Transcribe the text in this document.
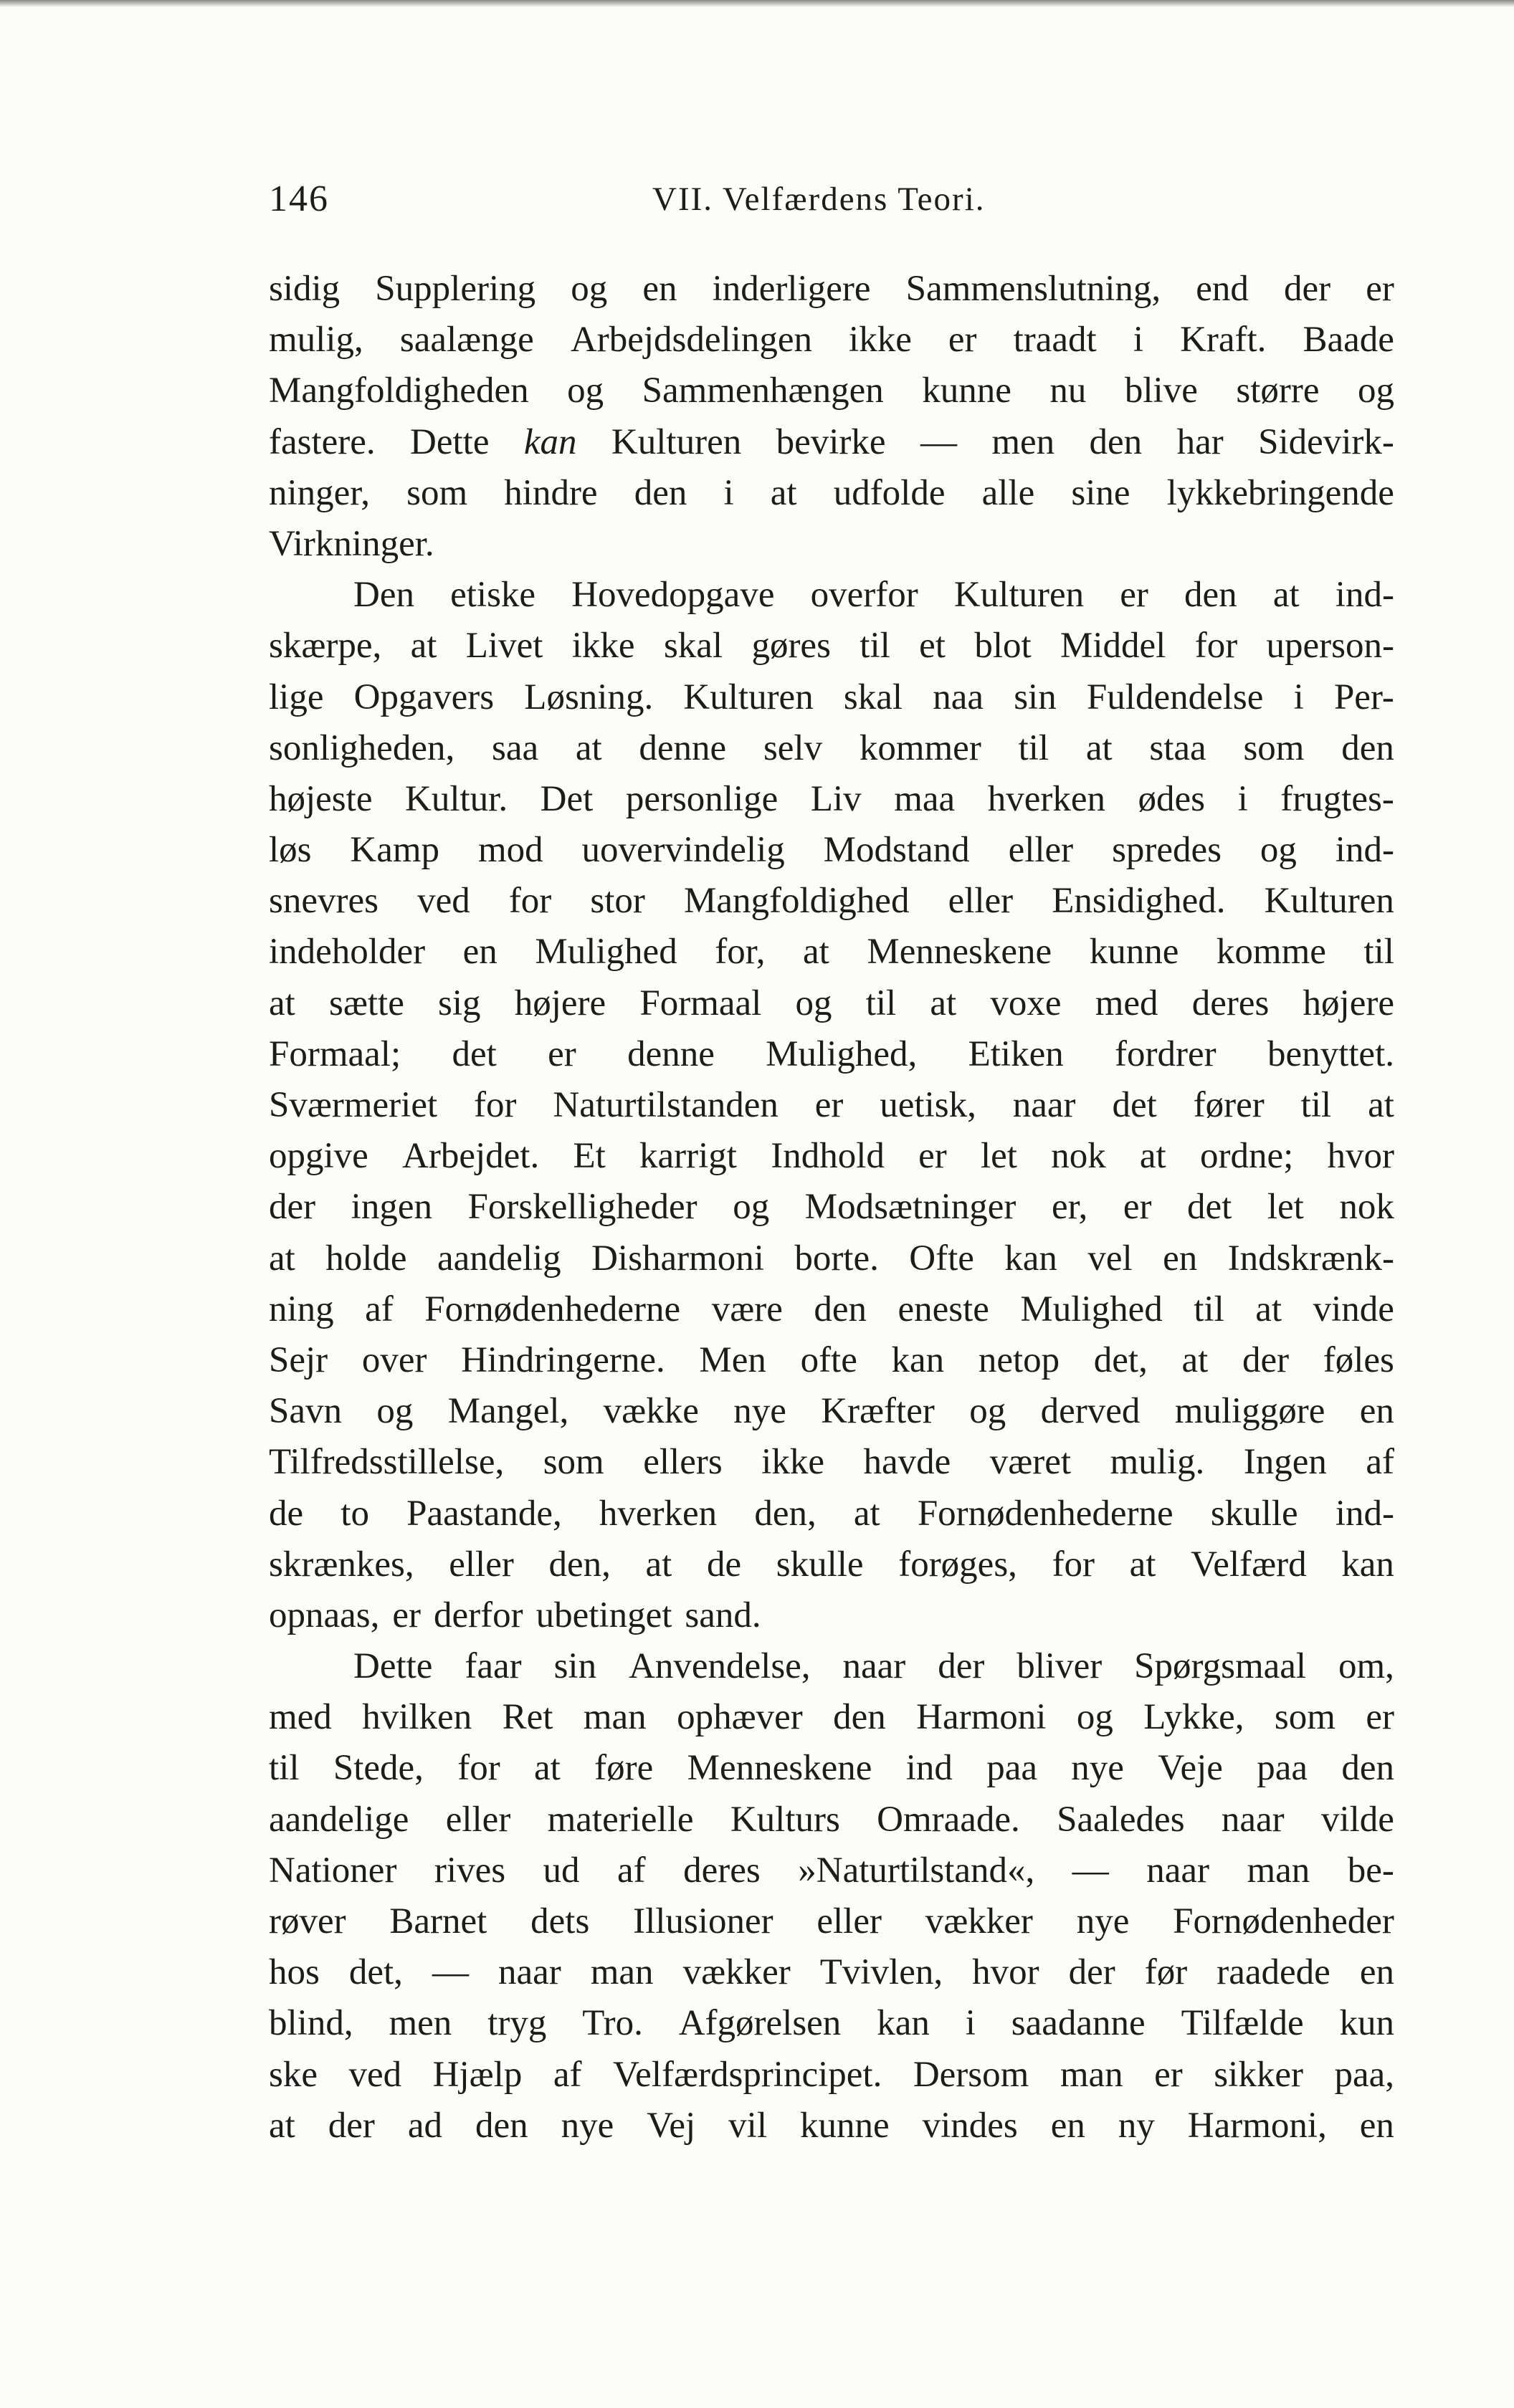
146	VII. Velfærdens Teori.
sidig Supplering og en inderligere Sammenslutning, end der er
mulig, saalænge Arbejdsdelingen ikke er traadt i Kraft. Baade
Mangfoldigheden og Sammenhængen kunne nu blive større og
fastere. Dette kan Kulturen bevirke — men den har Sidevirk-
ninger, som hindre den i at udfolde alle sine lykkebringende
Virkninger.
Den etiske Hovedopgave overfor Kulturen er den at ind-
skærpe, at Livet ikke skal gøres til et blot Middel for uperson-
lige Opgavers Løsning. Kulturen skal naa sin Fuldendelse i Per-
sonligheden, saa at denne selv kommer til at staa som den
højeste Kultur. Det personlige Liv maa hverken ødes i frugtes-
løs Kamp mod uovervindelig Modstand eller spredes og ind-
snevres ved for stor Mangfoldighed eller Ensidighed. Kulturen
indeholder en Mulighed for, at Menneskene kunne komme til
at sætte sig højere Formaal og til at voxe med deres højere
Formaal; det er denne Mulighed, Etiken fordrer benyttet.
Sværmeriet for Naturtilstanden er uetisk, naar det fører til at
opgive Arbejdet. Et karrigt Indhold er let nok at ordne; hvor
der ingen Forskelligheder og Modsætninger er, er det let nok
at holde aandelig Disharmoni borte. Ofte kan vel en Indskrænk-
ning af Fornødenhederne være den eneste Mulighed til at vinde
Sejr over Hindringerne. Men ofte kan netop det, at der føles
Savn og Mangel, vække nye Kræfter og derved muliggøre en
Tilfredsstillelse, som ellers ikke havde været mulig. Ingen af
de to Paastande, hverken den, at Fornødenhederne skulle ind-
skrænkes, eller den, at de skulle forøges, for at Velfærd kan
opnaas, er derfor ubetinget sand.
Dette faar sin Anvendelse, naar der bliver Spørgsmaal om,
med hvilken Ret man ophæver den Harmoni og Lykke, som er
til Stede, for at føre Menneskene ind paa nye Veje paa den
aandelige eller materielle Kulturs Omraade. Saaledes naar vilde
Nationer rives ud af deres »Naturtilstand«, — naar man be-
røver Barnet dets Illusioner eller vækker nye Fornødenheder
hos det, — naar man vækker Tvivlen, hvor der før raadede en
blind, men tryg Tro. Afgørelsen kan i saadanne Tilfælde kun
ske ved Hjælp af Velfærdsprincipet. Dersom man er sikker paa,
at der ad den nye Vej vil kunne vindes en ny Harmoni, en
